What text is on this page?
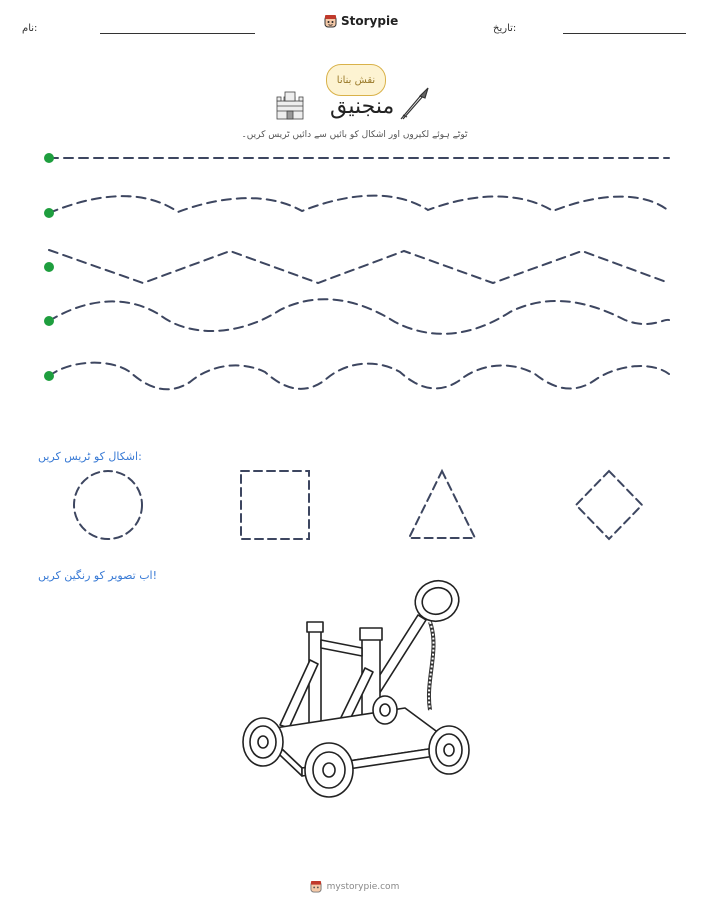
نام:
Storypie
تاریخ:
نقش بنانا
منجنیق
ٹوٹے ہوئے لکیروں اور اشکال کو بائیں سے دائیں ٹریس کریں۔
اشکال کو ٹریس کریں:
اب تصویر کو رنگین کریں!
mystorypie.com
